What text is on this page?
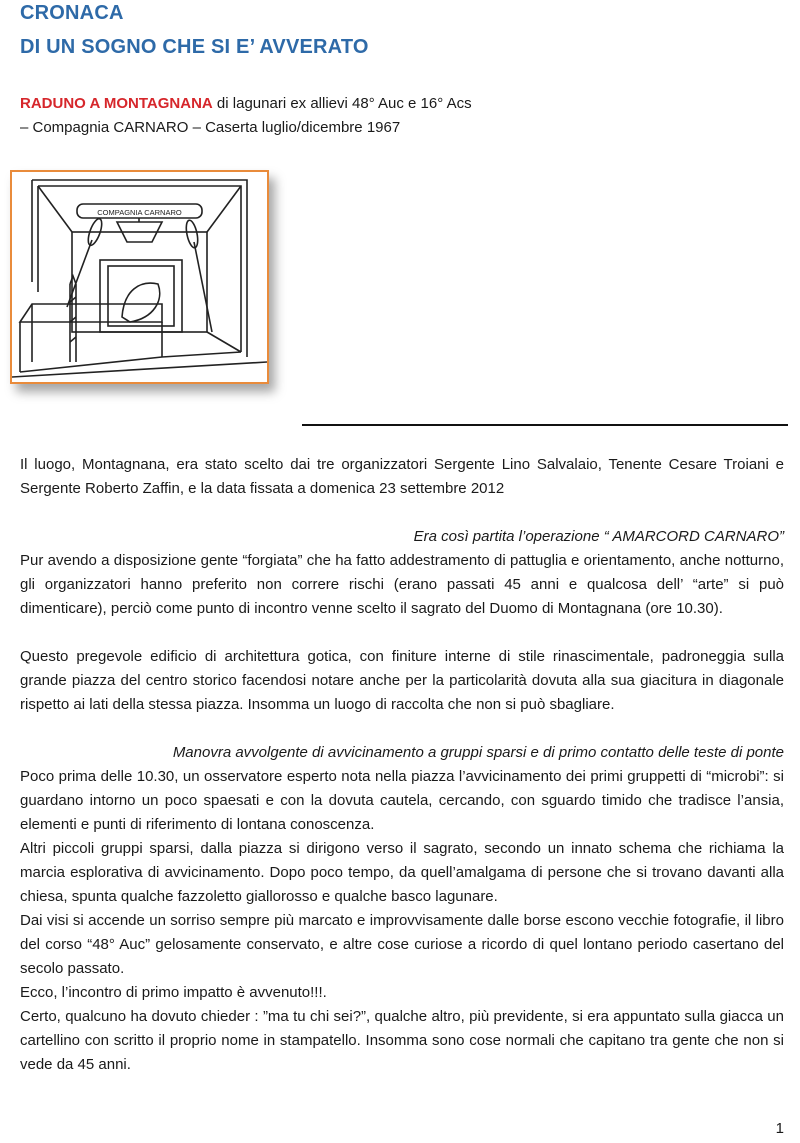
CRONACA
DI UN SOGNO CHE SI E’ AVVERATO
RADUNO A MONTAGNANA di lagunari ex allievi 48° Auc e 16° Acs
– Compagnia CARNARO – Caserta luglio/dicembre 1967
COMPAGNIA CARNARO
Il luogo, Montagnana, era stato scelto dai tre organizzatori Sergente Lino Salvalaio, Tenente Cesare Troiani e Sergente Roberto Zaffin, e la data fissata a domenica 23 settembre 2012
Era così partita l’operazione “ AMARCORD CARNARO”
Pur avendo a disposizione gente “forgiata” che ha fatto addestramento di pattuglia e orientamento, anche notturno, gli organizzatori hanno preferito non correre rischi (erano passati 45 anni e qualcosa dell’ “arte” si può dimenticare), perciò come punto di incontro venne scelto il sagrato del Duomo di Montagnana (ore 10.30).
Questo pregevole edificio di architettura gotica, con finiture interne di stile rinascimentale, padroneggia sulla grande piazza del centro storico facendosi notare anche per la particolarità dovuta alla sua giacitura in diagonale rispetto ai lati della stessa piazza. Insomma un luogo di raccolta che non si può sbagliare.
Manovra avvolgente di avvicinamento a gruppi sparsi e di primo contatto delle teste di ponte
Poco prima delle 10.30, un osservatore esperto nota nella piazza l’avvicinamento dei primi gruppetti di “microbi”: si guardano intorno un poco spaesati e con la dovuta cautela, cercando, con sguardo timido che tradisce l’ansia, elementi e punti di riferimento di lontana conoscenza.
Altri piccoli gruppi sparsi, dalla piazza si dirigono verso il sagrato, secondo un innato schema che richiama la marcia esplorativa di avvicinamento. Dopo poco tempo, da quell’amalgama di persone che si trovano davanti alla chiesa, spunta qualche fazzoletto giallorosso e qualche basco lagunare.
Dai visi si accende un sorriso sempre più marcato e improvvisamente dalle borse escono vecchie fotografie, il libro del corso “48° Auc” gelosamente conservato, e altre cose curiose a ricordo di quel lontano periodo casertano del secolo passato.
Ecco, l’incontro di primo impatto è avvenuto!!!.
Certo, qualcuno ha dovuto chieder : ”ma tu chi sei?”, qualche altro, più previdente, si era appuntato sulla giacca un cartellino con scritto il proprio nome in stampatello. Insomma sono cose normali che capitano tra gente che non si vede da 45 anni.
1
